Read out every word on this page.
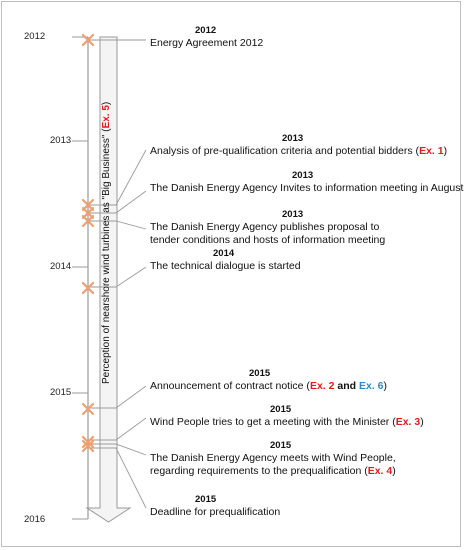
2012
2013
2014
2015
2016
Perception of nearshore wind turbines as "Big Business" (Ex. 5)
2012
Energy Agreement 2012
2013
Analysis of pre-qualification criteria and potential bidders (Ex. 1)
2013
The Danish Energy Agency Invites to information meeting in August
2013
The Danish Energy Agency publishes proposal to
tender conditions and hosts of information meeting
2014
The technical dialogue is started
2015
Announcement of contract notice (Ex. 2 and Ex. 6)
2015
Wind People tries to get a meeting with the Minister (Ex. 3)
2015
The Danish Energy Agency meets with Wind People,
regarding requirements to the prequalification (Ex. 4)
2015
Deadline for prequalification
